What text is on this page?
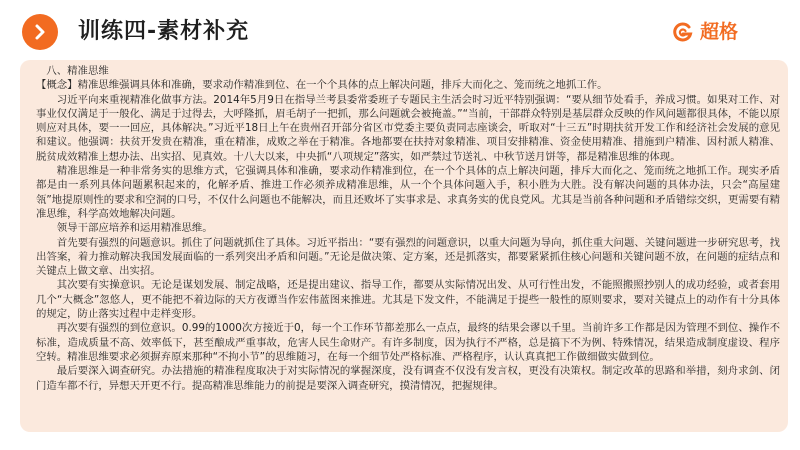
训练四-素材补充	超格

八、精准思维

【概念】精准思维强调具体和准确，要求动作精准到位、在一个个具体的点上解决问题，排斥大而化之、笼而统之地抓工作。

习近平向来重视精准化做事方法。2014年5月9日在指导兰考县委常委班子专题民主生活会时习近平特别强调：“要从细节处看手，养成习惯。如果对工作、对事业仅仅满足于一般化、满足于过得去，大呼隆抓，眉毛胡子一把抓，那么问题就会被掩盖。”“当前，干部群众特别是基层群众反映的作风问题都很具体，不能以原则应对具体，要一一回应，具体解决。”习近平18日上午在贵州召开部分省区市党委主要负责同志座谈会，听取对“十三五”时期扶贫开发工作和经济社会发展的意见和建议。他强调：扶贫开发贵在精准，重在精准，成败之举在于精准。各地都要在扶持对象精准、项目安排精准、资金使用精准、措施到户精准、因村派人精准、脱贫成效精准上想办法、出实招、见真效。十八大以来，中央抓“八项规定”落实，如严禁过节送礼、中秋节送月饼等，都是精准思维的体现。

精准思维是一种非常务实的思维方式，它强调具体和准确，要求动作精准到位，在一个个具体的点上解决问题，排斥大而化之、笼而统之地抓工作。现实矛盾都是由一系列具体问题累积起来的，化解矛盾、推进工作必须养成精准思维，从一个个具体问题入手，积小胜为大胜。没有解决问题的具体办法，只会“高屋建瓴”地提原则性的要求和空洞的口号，不仅什么问题也不能解决，而且还败坏了实事求是、求真务实的优良党风。尤其是当前各种问题和矛盾错综交织，更需要有精准思维，科学高效地解决问题。

领导干部应培养和运用精准思维。

首先要有强烈的问题意识。抓住了问题就抓住了具体。习近平指出：“要有强烈的问题意识，以重大问题为导向，抓住重大问题、关键问题进一步研究思考，找出答案，着力推动解决我国发展面临的一系列突出矛盾和问题。”无论是做决策、定方案，还是抓落实，都要紧紧抓住核心问题和关键问题不放，在问题的症结点和关键点上做文章、出实招。

其次要有实操意识。无论是谋划发展、制定战略，还是提出建议、指导工作，都要从实际情况出发、从可行性出发，不能照搬照抄别人的成功经验，或者套用几个“大概念”忽悠人，更不能把不着边际的天方夜谭当作宏伟蓝图来推进。尤其是下发文件，不能满足于提些一般性的原则要求，要对关键点上的动作有十分具体的规定，防止落实过程中走样变形。

再次要有强烈的到位意识。0.99的1000次方接近于0，每一个工作环节都差那么一点点，最终的结果会谬以千里。当前许多工作都是因为管理不到位、操作不标准，造成质量不高、效率低下，甚至酿成严重事故，危害人民生命财产。有许多制度，因为执行不严格，总是搞下不为例、特殊情况，结果造成制度虚设、程序空转。精准思维要求必须摒弃原来那种“不拘小节”的思维随习，在每一个细节处严格标准、严格程序，认认真真把工作做细做实做到位。

最后要深入调查研究。办法措施的精准程度取决于对实际情况的掌握深度，没有调查不仅没有发言权，更没有决策权。制定改革的思路和举措，刻舟求剑、闭门造车都不行，异想天开更不行。提高精准思维能力的前提是要深入调查研究，摸清情况，把握规律。
